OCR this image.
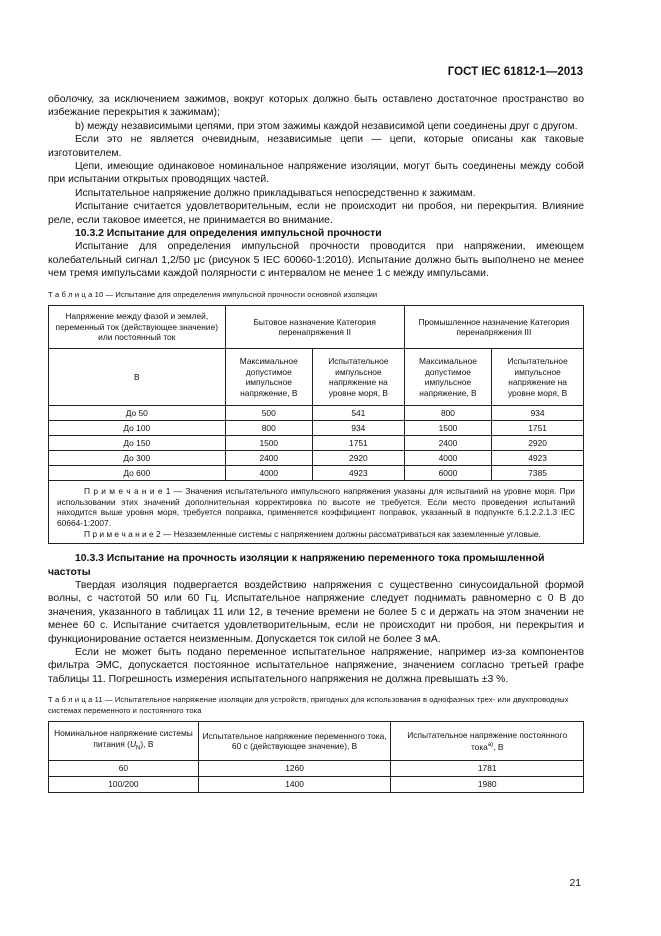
ГОСТ IEC 61812-1—2013

оболочку, за исключением зажимов, вокруг которых должно быть оставлено достаточное пространство во избежание перекрытия к зажимам);

b) между независимыми цепями, при этом зажимы каждой независимой цепи соединены друг с другом.

Если это не является очевидным, независимые цепи — цепи, которые описаны как таковые изготовителем.

Цепи, имеющие одинаковое номинальное напряжение изоляции, могут быть соединены между собой при испытании открытых проводящих частей.

Испытательное напряжение должно прикладываться непосредственно к зажимам.

Испытание считается удовлетворительным, если не происходит ни пробоя, ни перекрытия. Влияние реле, если таковое имеется, не принимается во внимание.

10.3.2 Испытание для определения импульсной прочности

Испытание для определения импульсной прочности проводится при напряжении, имеющем колебательный сигнал 1,2/50 μс (рисунок 5 IEC 60060-1:2010). Испытание должно быть выполнено не менее чем тремя импульсами каждой полярности с интервалом не менее 1 с между импульсами.

Т а б л и ц а 10 — Испытание для определения импульсной прочности основной изоляции
Напряжение между фазой и землей, переменный ток (действующее значение) или постоянный ток	Бытовое назначение Категория перенапряжения II		Промышленное назначение Категория перенапряжения III	
В	Максимальное допустимое импульсное напряжение, В	Испытательное импульсное напряжение на уровне моря, В	Максимальное допустимое импульсное напряжение, В	Испытательное импульсное напряжение на уровне моря, В
До 50	500	541	800	934
До 100	800	934	1500	1751
До 150	1500	1751	2400	2920
До 300	2400	2920	4000	4923
До 600	4000	4923	6000	7385

П р и м е ч а н и е 1 — Значения испытательного импульсного напряжения указаны для испытаний на уровне моря. При использовании этих значений дополнительная корректировка по высоте не требуется. Если место проведения испытаний находится выше уровня моря, требуется поправка, применяется коэффициент поправок, указанный в подпункте 6.1.2.2.1.3 IEC 60664-1:2007.

П р и м е ч а н и е 2 — Незаземленные системы с напряжением должны рассматриваться как заземленные угловые.				

10.3.3 Испытание на прочность изоляции к напряжению переменного тока промышленной частоты

Твердая изоляция подвергается воздействию напряжения с существенно синусоидальной формой волны, с частотой 50 или 60 Гц. Испытательное напряжение следует поднимать равномерно с 0 В до значения, указанного в таблицах 11 или 12, в течение времени не более 5 с и держать на этом значении не менее 60 с. Испытание считается удовлетворительным, если не происходит ни пробоя, ни перекрытия и функционирование остается неизменным. Допускается ток силой не более 3 мА.

Если не может быть подано переменное испытательное напряжение, например из-за компонентов фильтра ЭМС, допускается постоянное испытательное напряжение, значением согласно третьей графе таблицы 11. Погрешность измерения испытательного напряжения не должна превышать ±3 %.

Т а б л и ц а 11 — Испытательное напряжение изоляции для устройств, пригодных для использования в однофазных трех- или двухпроводных системах переменного и постоянного тока
Номинальное напряжение системы питания $(U_N)$, В	Испытательное напряжение переменного тока, 60 с (действующее значение), В	Испытательное напряжение постоянного тока$^{a)}$, В
60	1260	1781
100/200	1400	1980
21
